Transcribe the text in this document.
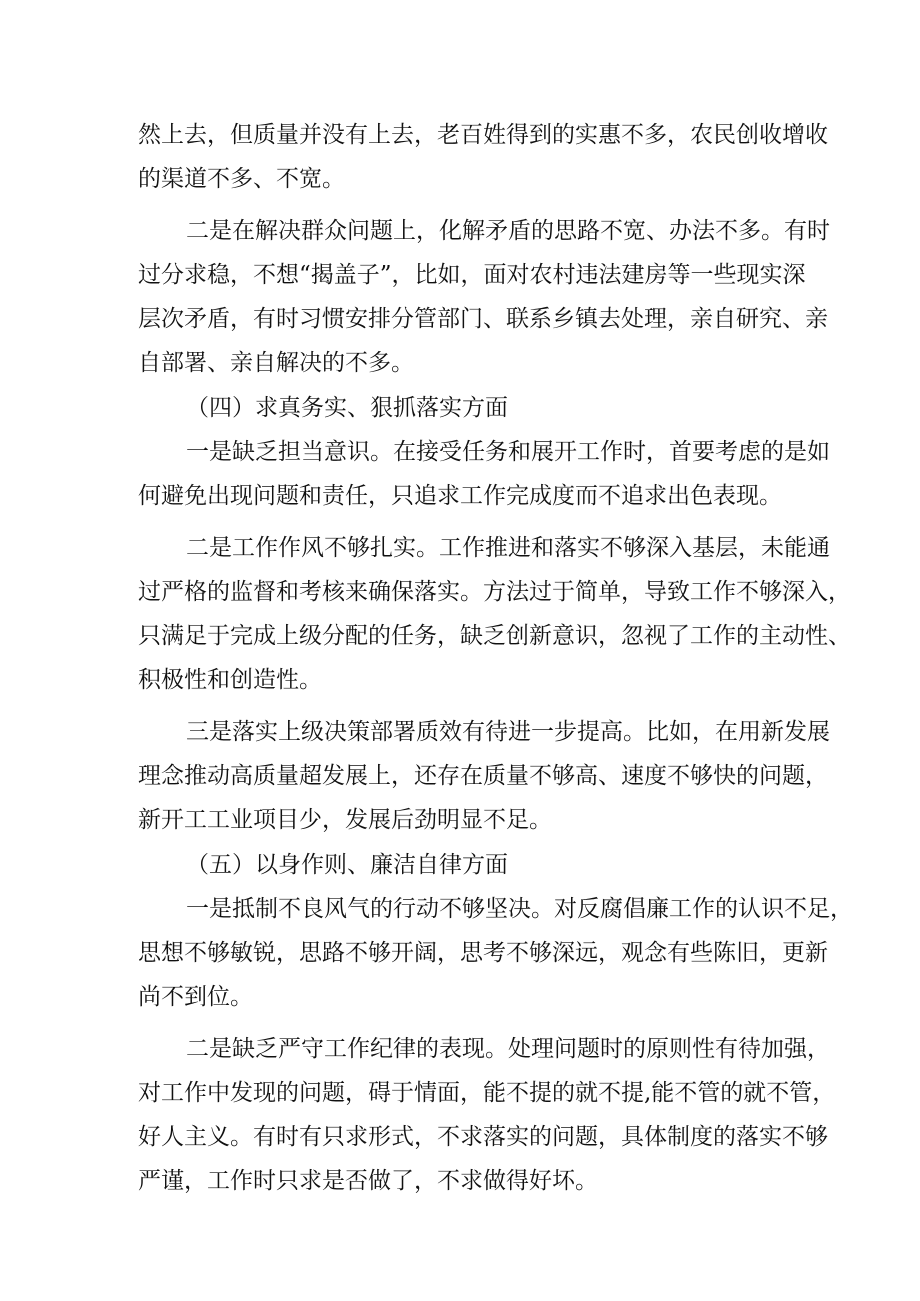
然上去，但质量并没有上去，老百姓得到的实惠不多，农民创收增收

的渠道不多、不宽。

二是在解决群众问题上，化解矛盾的思路不宽、办法不多。有时

过分求稳，不想“揭盖子”，比如，面对农村违法建房等一些现实深

层次矛盾，有时习惯安排分管部门、联系乡镇去处理，亲自研究、亲

自部署、亲自解决的不多。

（四）求真务实、狠抓落实方面

一是缺乏担当意识。在接受任务和展开工作时，首要考虑的是如

何避免出现问题和责任，只追求工作完成度而不追求出色表现。

二是工作作风不够扎实。工作推进和落实不够深入基层，未能通

过严格的监督和考核来确保落实。方法过于简单，导致工作不够深入，

只满足于完成上级分配的任务，缺乏创新意识，忽视了工作的主动性、

积极性和创造性。

三是落实上级决策部署质效有待进一步提高。比如，在用新发展

理念推动高质量超发展上，还存在质量不够高、速度不够快的问题，

新开工工业项目少，发展后劲明显不足。

（五）以身作则、廉洁自律方面

一是抵制不良风气的行动不够坚决。对反腐倡廉工作的认识不足，

思想不够敏锐，思路不够开阔，思考不够深远，观念有些陈旧，更新

尚不到位。

二是缺乏严守工作纪律的表现。处理问题时的原则性有待加强，

对工作中发现的问题，碍于情面，能不提的就不提,能不管的就不管，

好人主义。有时有只求形式，不求落实的问题，具体制度的落实不够

严谨，工作时只求是否做了，不求做得好坏。
